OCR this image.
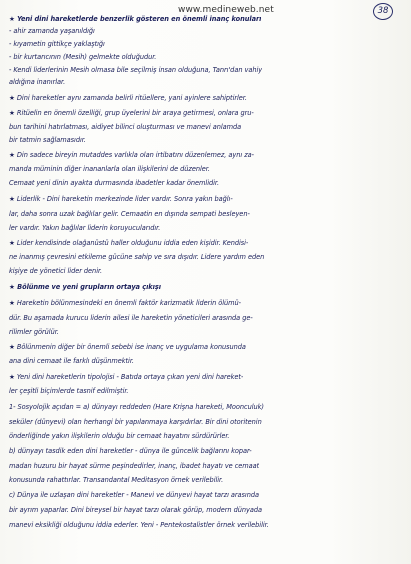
www.medineweb.net	38
★ Yeni dini hareketlerde benzerlik gösteren en önemli inanç konuları
- ahir zamanda yaşanıldığı
- kıyametin gittikçe yaklaştığı
- bir kurtarıcının (Mesih) gelmekte olduğudur.
- Kendi liderlerinin Mesih olmasa bile seçilmiş insan olduğuna, Tanrı'dan vahiy
aldığına inanırlar.
★ Dini hareketler aynı zamanda belirli ritüellere, yani ayinlere sahiptirler.
★ Ritüelin en önemli özelliği, grup üyelerini bir araya getirmesi, onlara gru-
bun tarihini hatırlatması, aidiyet bilinci oluşturması ve manevi anlamda
bir tatmin sağlamasıdır.
★ Din sadece bireyin mutaddes varlıkla olan irtibatını düzenlemez, aynı za-
manda müminin diğer inananlarla olan ilişkilerini de düzenler.
Cemaat yeni dinin ayakta durmasında ibadetler kadar önemlidir.
★ Liderlik - Dini hareketin merkezinde lider vardır. Sonra yakın bağlı-
lar, daha sonra uzak bağlılar gelir. Cemaatin en dışında sempati besleyen-
ler vardır. Yakın bağlılar liderin koruyucularıdır.
★ Lider kendisinde olağanüstü haller olduğunu iddia eden kişidir. Kendisi-
ne inanmış çevresini etkileme gücüne sahip ve sıra dışıdır. Lidere yardım eden
kişiye de yönetici lider denir.
★ Bölünme ve yeni grupların ortaya çıkışı
★ Hareketin bölünmesindeki en önemli faktör karizmatik liderin ölümü-
dür. Bu aşamada kurucu liderin ailesi ile hareketin yöneticileri arasında ge-
rilimler görülür.
★ Bölünmenin diğer bir önemli sebebi ise inanç ve uygulama konusunda
ana dini cemaat ile farklı düşünmektir.
★ Yeni dini hareketlerin tipolojisi - Batıda ortaya çıkan yeni dini hareket-
ler çeşitli biçimlerde tasnif edilmiştir.
1- Sosyolojik açıdan = a) dünyayı reddeden (Hare Krişna hareketi, Moonculuk)
seküler (dünyevi) olan herhangi bir yapılanmaya karşıdırlar. Bir dini otoritenin
önderliğinde yakın ilişkilerin olduğu bir cemaat hayatını sürdürürler.
b) dünyayı tasdik eden dini hareketler - dünya ile güncelik bağlarını kopar-
madan huzuru bir hayat sürme peşindedirler, inanç, ibadet hayatı ve cemaat
konusunda rahattırlar. Transandantal Meditasyon örnek verilebilir.
c) Dünya ile uzlaşan dini hareketler - Manevi ve dünyevi hayat tarzı arasında
bir ayrım yaparlar. Dini bireysel bir hayat tarzı olarak görüp, modern dünyada
manevi eksikliği olduğunu iddia ederler. Yeni - Pentekostalistler örnek verilebilir.
